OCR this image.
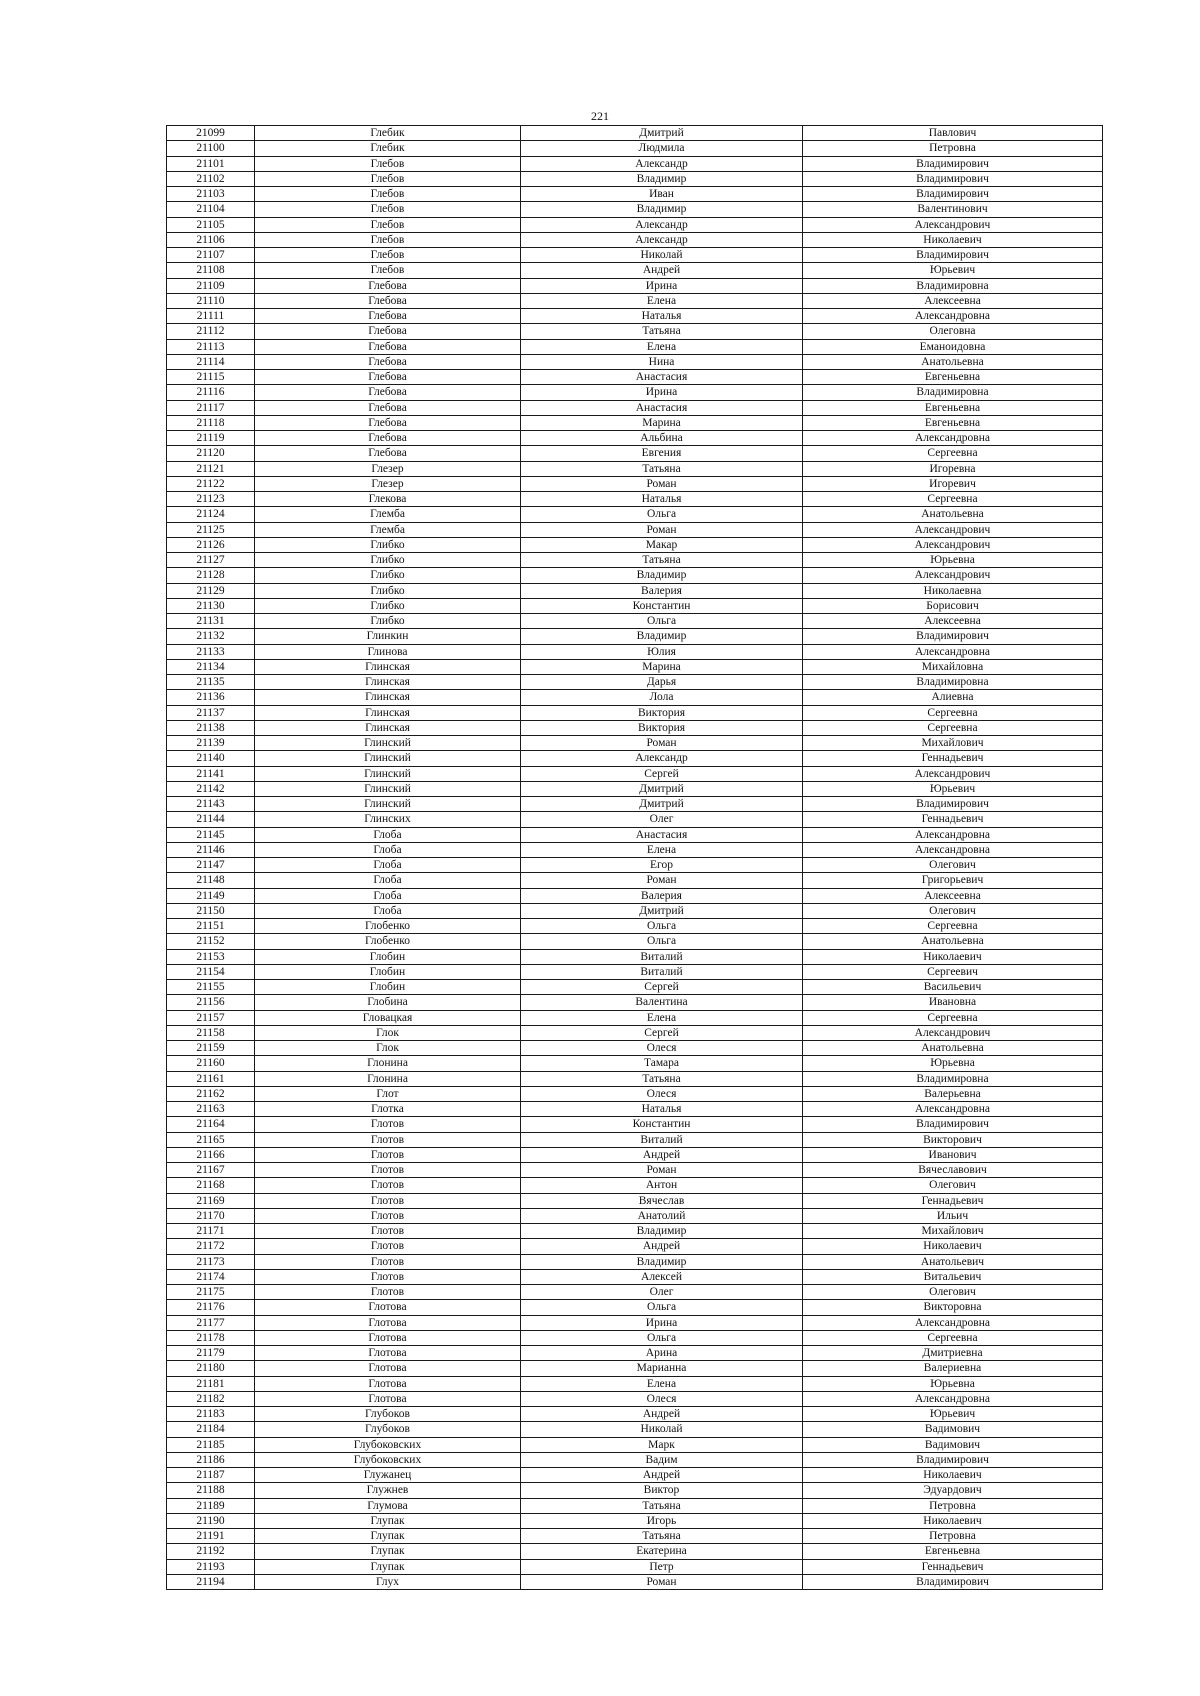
221
21099	Глебик	Дмитрий	Павлович
21100	Глебик	Людмила	Петровна
21101	Глебов	Александр	Владимирович
21102	Глебов	Владимир	Владимирович
21103	Глебов	Иван	Владимирович
21104	Глебов	Владимир	Валентинович
21105	Глебов	Александр	Александрович
21106	Глебов	Александр	Николаевич
21107	Глебов	Николай	Владимирович
21108	Глебов	Андрей	Юрьевич
21109	Глебова	Ирина	Владимировна
21110	Глебова	Елена	Алексеевна
21111	Глебова	Наталья	Александровна
21112	Глебова	Татьяна	Олеговна
21113	Глебова	Елена	Еманоидовна
21114	Глебова	Нина	Анатольевна
21115	Глебова	Анастасия	Евгеньевна
21116	Глебова	Ирина	Владимировна
21117	Глебова	Анастасия	Евгеньевна
21118	Глебова	Марина	Евгеньевна
21119	Глебова	Альбина	Александровна
21120	Глебова	Евгения	Сергеевна
21121	Глезер	Татьяна	Игоревна
21122	Глезер	Роман	Игоревич
21123	Глекова	Наталья	Сергеевна
21124	Глемба	Ольга	Анатольевна
21125	Глемба	Роман	Александрович
21126	Глибко	Макар	Александрович
21127	Глибко	Татьяна	Юрьевна
21128	Глибко	Владимир	Александрович
21129	Глибко	Валерия	Николаевна
21130	Глибко	Константин	Борисович
21131	Глибко	Ольга	Алексеевна
21132	Глинкин	Владимир	Владимирович
21133	Глинова	Юлия	Александровна
21134	Глинская	Марина	Михайловна
21135	Глинская	Дарья	Владимировна
21136	Глинская	Лола	Алиевна
21137	Глинская	Виктория	Сергеевна
21138	Глинская	Виктория	Сергеевна
21139	Глинский	Роман	Михайлович
21140	Глинский	Александр	Геннадьевич
21141	Глинский	Сергей	Александрович
21142	Глинский	Дмитрий	Юрьевич
21143	Глинский	Дмитрий	Владимирович
21144	Глинских	Олег	Геннадьевич
21145	Глоба	Анастасия	Александровна
21146	Глоба	Елена	Александровна
21147	Глоба	Егор	Олегович
21148	Глоба	Роман	Григорьевич
21149	Глоба	Валерия	Алексеевна
21150	Глоба	Дмитрий	Олегович
21151	Глобенко	Ольга	Сергеевна
21152	Глобенко	Ольга	Анатольевна
21153	Глобин	Виталий	Николаевич
21154	Глобин	Виталий	Сергеевич
21155	Глобин	Сергей	Васильевич
21156	Глобина	Валентина	Ивановна
21157	Гловацкая	Елена	Сергеевна
21158	Глок	Сергей	Александрович
21159	Глок	Олеся	Анатольевна
21160	Глонина	Тамара	Юрьевна
21161	Глонина	Татьяна	Владимировна
21162	Глот	Олеся	Валерьевна
21163	Глотка	Наталья	Александровна
21164	Глотов	Константин	Владимирович
21165	Глотов	Виталий	Викторович
21166	Глотов	Андрей	Иванович
21167	Глотов	Роман	Вячеславович
21168	Глотов	Антон	Олегович
21169	Глотов	Вячеслав	Геннадьевич
21170	Глотов	Анатолий	Ильич
21171	Глотов	Владимир	Михайлович
21172	Глотов	Андрей	Николаевич
21173	Глотов	Владимир	Анатольевич
21174	Глотов	Алексей	Витальевич
21175	Глотов	Олег	Олегович
21176	Глотова	Ольга	Викторовна
21177	Глотова	Ирина	Александровна
21178	Глотова	Ольга	Сергеевна
21179	Глотова	Арина	Дмитриевна
21180	Глотова	Марианна	Валериевна
21181	Глотова	Елена	Юрьевна
21182	Глотова	Олеся	Александровна
21183	Глубоков	Андрей	Юрьевич
21184	Глубоков	Николай	Вадимович
21185	Глубоковских	Марк	Вадимович
21186	Глубоковских	Вадим	Владимирович
21187	Глужанец	Андрей	Николаевич
21188	Глужнев	Виктор	Эдуардович
21189	Глумова	Татьяна	Петровна
21190	Глупак	Игорь	Николаевич
21191	Глупак	Татьяна	Петровна
21192	Глупак	Екатерина	Евгеньевна
21193	Глупак	Петр	Геннадьевич
21194	Глух	Роман	Владимирович
